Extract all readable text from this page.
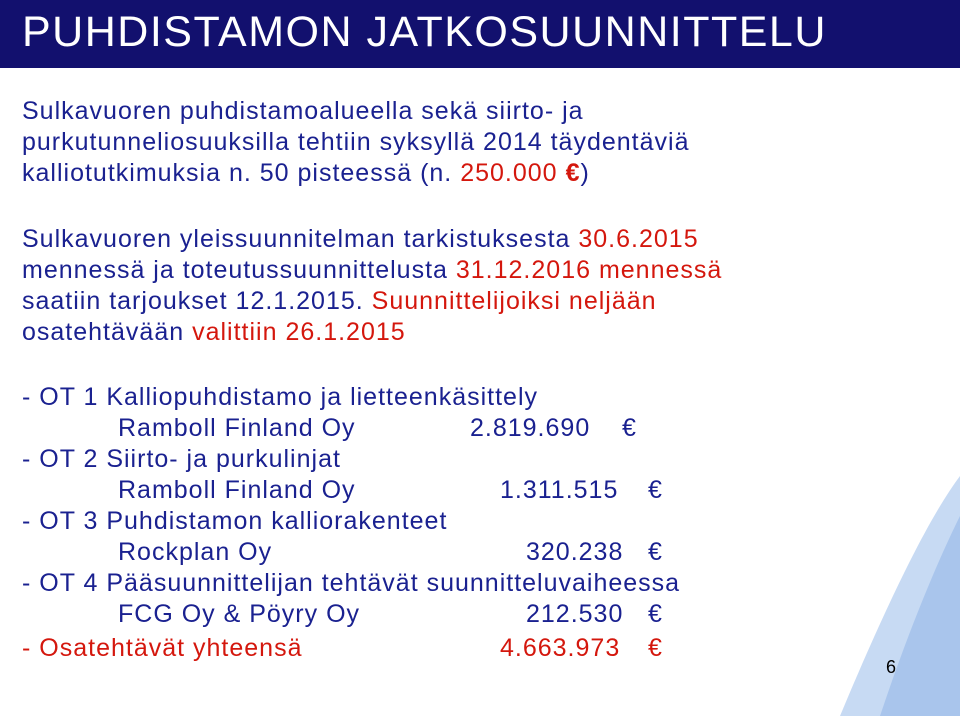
PUHDISTAMON JATKOSUUNNITTELU
Sulkavuoren puhdistamoalueella sekä siirto- ja
purkutunneliosuuksilla tehtiin syksyllä 2014 täydentäviä
kalliotutkimuksia n. 50 pisteessä (n. 250.000 €)
Sulkavuoren yleissuunnitelman tarkistuksesta 30.6.2015
mennessä ja toteutussuunnittelusta 31.12.2016 mennessä
saatiin tarjoukset 12.1.2015. Suunnittelijoiksi neljään
osatehtävään valittiin 26.1.2015
- OT 1 Kalliopuhdistamo ja lietteenkäsittely
Ramboll Finland Oy	2.819.690 €
- OT 2 Siirto- ja purkulinjat
Ramboll Finland Oy	1.311.515 €
- OT 3 Puhdistamon kalliorakenteet
Rockplan Oy	320.238 €
- OT 4 Pääsuunnittelijan tehtävät suunnitteluvaiheessa
FCG Oy & Pöyry Oy	212.530 €
- Osatehtävät yhteensä	4.663.973 €
6
